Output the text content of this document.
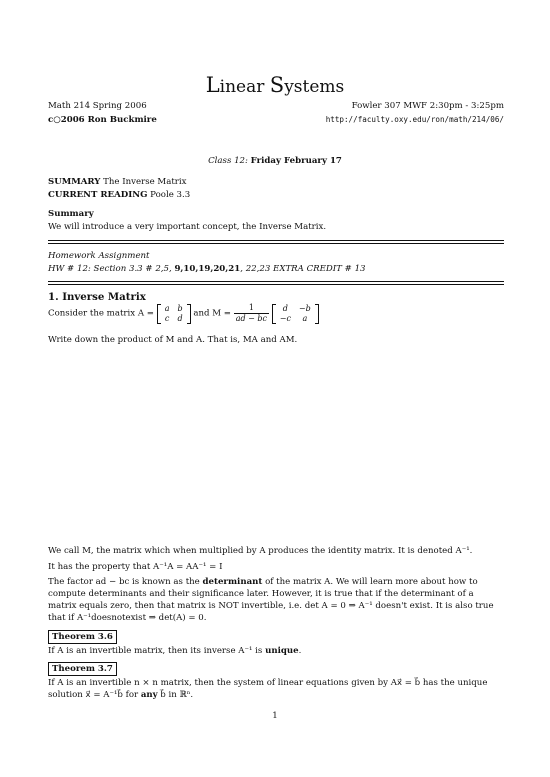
Linear Systems
Math 214 Spring 2006	Fowler 307 MWF 2:30pm - 3:25pm
c○2006 Ron Buckmire	http://faculty.oxy.edu/ron/math/214/06/
Class 12: Friday February 17
SUMMARY The Inverse Matrix
CURRENT READING Poole 3.3
Summary
We will introduce a very important concept, the Inverse Matrix.
Homework Assignment
HW # 12: Section 3.3 # 2,5, 9,10,19,20,21, 22,23 EXTRA CREDIT # 13
1. Inverse Matrix
Consider the matrix A =
a	b
c	d and $M = \frac{1}{ad - bc}$
d	−b
−c	a
Write down the product of M and A. That is, MA and AM.
We call M, the matrix which when multiplied by A produces the identity matrix. It is denoted A⁻¹.
It has the property that A⁻¹A = AA⁻¹ = I
The factor ad − bc is known as the determinant of the matrix A. We will learn more about how to compute determinants and their significance later. However, it is true that if the determinant of a matrix equals zero, then that matrix is NOT invertible, i.e. det A = 0 ⇒ A⁻¹ doesn't exist. It is also true that if A⁻¹doesnotexist ⇒ det(A) = 0.
Theorem 3.6
If A is an invertible matrix, then its inverse A⁻¹ is unique.
Theorem 3.7
If A is an invertible n × n matrix, then the system of linear equations given by Ax⃗ = b⃗ has the unique solution x⃗ = A⁻¹b⃗ for any b⃗ in ℝⁿ.
1
